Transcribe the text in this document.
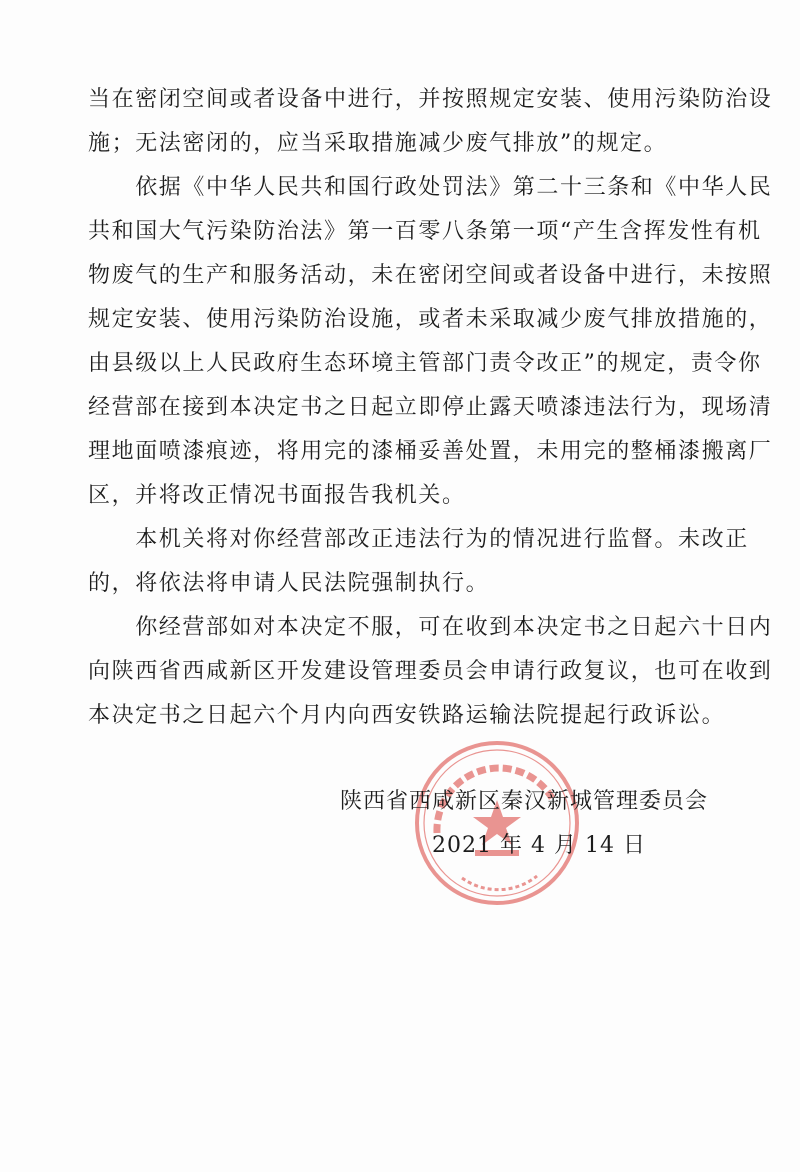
当在密闭空间或者设备中进行，并按照规定安装、使用污染防治设
施；无法密闭的，应当采取措施减少废气排放”的规定。
　　依据《中华人民共和国行政处罚法》第二十三条和《中华人民
共和国大气污染防治法》第一百零八条第一项“产生含挥发性有机
物废气的生产和服务活动，未在密闭空间或者设备中进行，未按照
规定安装、使用污染防治设施，或者未采取减少废气排放措施的，
由县级以上人民政府生态环境主管部门责令改正”的规定，责令你
经营部在接到本决定书之日起立即停止露天喷漆违法行为，现场清
理地面喷漆痕迹，将用完的漆桶妥善处置，未用完的整桶漆搬离厂
区，并将改正情况书面报告我机关。
　　本机关将对你经营部改正违法行为的情况进行监督。未改正
的，将依法将申请人民法院强制执行。
　　你经营部如对本决定不服，可在收到本决定书之日起六十日内
向陕西省西咸新区开发建设管理委员会申请行政复议，也可在收到
本决定书之日起六个月内向西安铁路运输法院提起行政诉讼。
陕西省西咸新区秦汉新城管理委员会
2021 年 4 月 14 日
